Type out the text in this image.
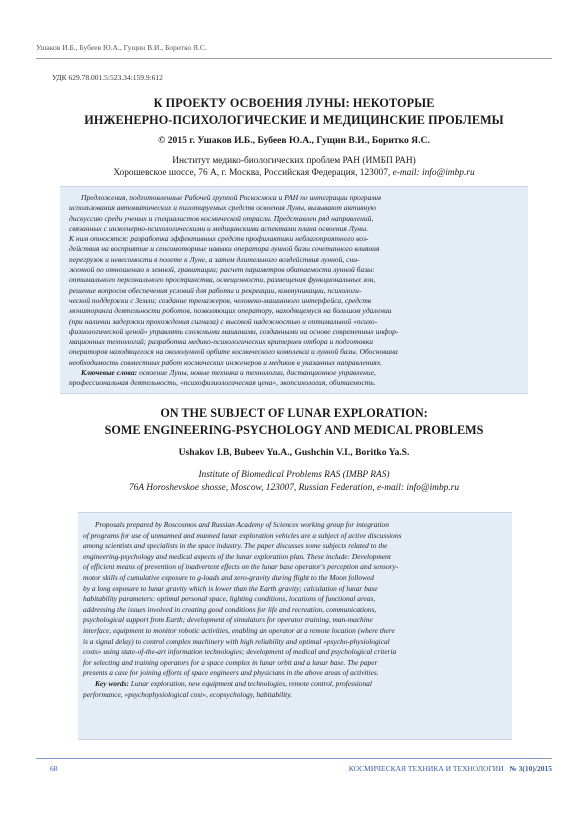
Ушаков И.Б., Бубеев Ю.А., Гущин В.И., Боритко Я.С.
УДК 629.78.001.5:523.34:159.9:612
К ПРОЕКТУ ОСВОЕНИЯ ЛУНЫ: НЕКОТОРЫЕ
ИНЖЕНЕРНО-ПСИХОЛОГИЧЕСКИЕ И МЕДИЦИНСКИЕ ПРОБЛЕМЫ
© 2015 г. Ушаков И.Б., Бубеев Ю.А., Гущин В.И., Боритко Я.С.
Институт медико-биологических проблем РАН (ИМБП РАН)
Хорошевское шоссе, 76 А, г. Москва, Российская Федерация, 123007, e-mail: info@imbp.ru
Предложения, подготовленные Рабочей группой Роскосмоса и РАН по интеграции программ
использования автоматических и пилотируемых средств освоения Луны, вызывают активную
дискуссию среди ученых и специалистов космической отрасли. Представлен ряд направлений,
связанных с инженерно-психологическими и медицинскими аспектами плана освоения Луны.
К ним относятся: разработка эффективных средств профилактики неблагоприятного воз-
действия на восприятие и сенсомоторные навыки оператора лунной базы сочетанного влияния
перегрузок и невесомости в полете к Луне, а затем длительного воздействия лунной, сни-
женной по отношению к земной, гравитации; расчет параметров обитаемости лунной базы:
оптимального персонального пространства, освещенности, размещения функциональных зон,
решение вопросов обеспечения условий для работы и рекреации, коммуникации, психологи-
ческой поддержки с Земли; создание тренажеров, человеко-машинного интерфейса, средств
мониторинга деятельности роботов, позволяющих оператору, находящемуся на большом удалении
(при наличии задержки прохождения сигнала) с высокой надежностью и оптимальной «психо-
физиологической ценой» управлять сложными машинами, созданными на основе современных инфор-
мационных технологий; разработка медико-психологических критериев отбора и подготовки
операторов находящегося на окололунной орбите космического комплекса и лунной базы. Обоснована
необходимость совместных работ космических инженеров и медиков в указанных направлениях.
Ключевые слова: освоение Луны, новые техника и технологии, дистанционное управление,
профессиональная деятельность, «психофизиологическая цена», экопсихология, обитаемость.
ON THE SUBJECT OF LUNAR EXPLORATION:
SOME ENGINEERING-PSYCHOLOGY AND MEDICAL PROBLEMS
Ushakov I.B, Bubeev Yu.A., Gushchin V.I., Boritko Ya.S.
Institute of Biomedical Problems RAS (IMBP RAS)
76A Horoshevskoe shosse, Moscow, 123007, Russian Federation, e-mail: info@imbp.ru
Proposals prepared by Roscosmos and Russian Academy of Sciences working group for integration
of programs for use of unmanned and manned lunar exploration vehicles are a subject of active discussions
among scientists and specialists in the space industry. The paper discusses some subjects related to the
engineering-psychology and medical aspects of the lunar exploration plan. These include: Development
of efficient means of prevention of inadvertent effects on the lunar base operator's perception and sensory-
motor skills of cumulative exposure to g-loads and zero-gravity during flight to the Moon followed
by a long exposure to lunar gravity which is lower than the Earth gravity; calculation of lunar base
habitability parameters: optimal personal space, lighting conditions, locations of functional areas,
addressing the issues involved in creating good conditions for life and recreation, communications,
psychological support from Earth; development of simulators for operator training, man-machine
interface, equipment to monitor robotic activities, enabling an operator at a remote location (where there
is a signal delay) to control complex machinery with high reliability and optimal «psycho-physiological
costs» using state-of-the-art information technologies; development of medical and psychological criteria
for selecting and training operators for a space complex in lunar orbit and a lunar base. The paper
presents a case for joining efforts of space engineers and physicians in the above areas of activities.
Key words: Lunar exploration, new equipment and technologies, remote control, professional
performance, «psychophysiological cost», ecopsychology, habitability.
68	КОСМИЧЕСКАЯ ТЕХНИКА И ТЕХНОЛОГИИ № 3(10)/2015
